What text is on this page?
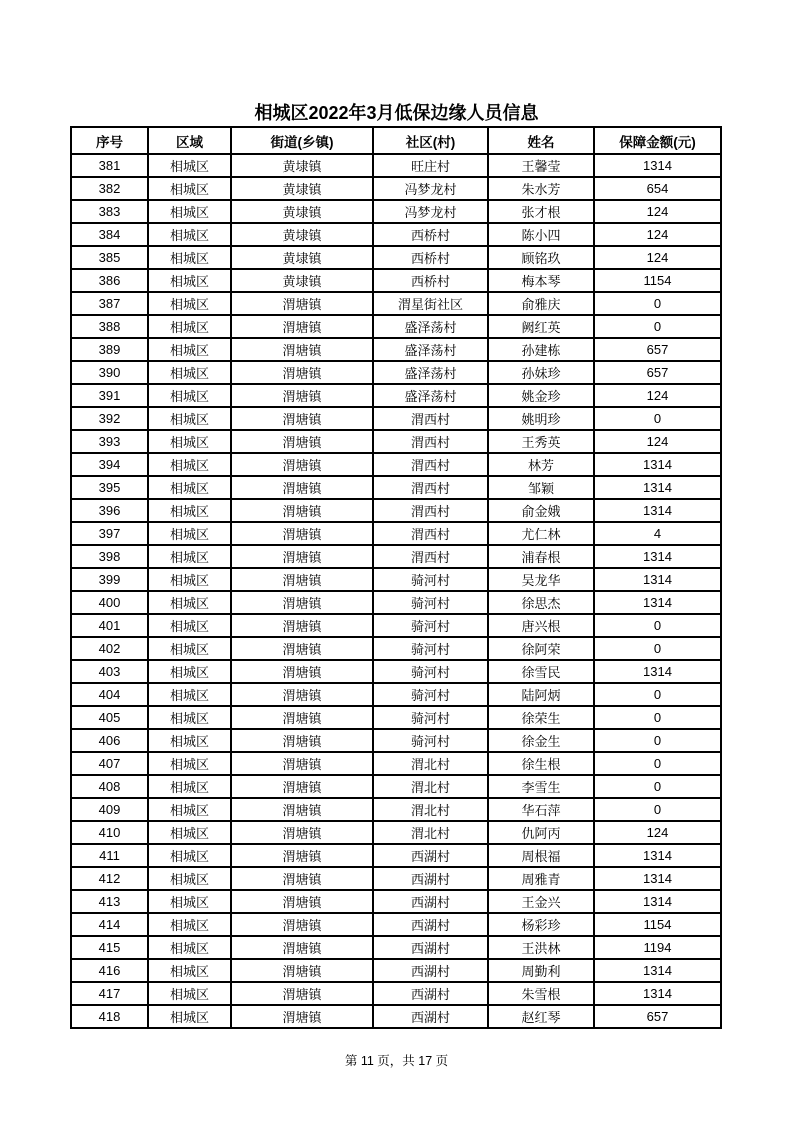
相城区2022年3月低保边缘人员信息
序号	区域	街道(乡镇)	社区(村)	姓名	保障金额(元)
381	相城区	黄埭镇	旺庄村	王馨莹	1314
382	相城区	黄埭镇	冯梦龙村	朱水芳	654
383	相城区	黄埭镇	冯梦龙村	张才根	124
384	相城区	黄埭镇	西桥村	陈小四	124
385	相城区	黄埭镇	西桥村	顾铭玖	124
386	相城区	黄埭镇	西桥村	梅本琴	1154
387	相城区	渭塘镇	渭星街社区	俞雅庆	0
388	相城区	渭塘镇	盛泽荡村	阙红英	0
389	相城区	渭塘镇	盛泽荡村	孙建栋	657
390	相城区	渭塘镇	盛泽荡村	孙妹珍	657
391	相城区	渭塘镇	盛泽荡村	姚金珍	124
392	相城区	渭塘镇	渭西村	姚明珍	0
393	相城区	渭塘镇	渭西村	王秀英	124
394	相城区	渭塘镇	渭西村	林芳	1314
395	相城区	渭塘镇	渭西村	邹颖	1314
396	相城区	渭塘镇	渭西村	俞金娥	1314
397	相城区	渭塘镇	渭西村	尤仁林	4
398	相城区	渭塘镇	渭西村	浦春根	1314
399	相城区	渭塘镇	骑河村	吴龙华	1314
400	相城区	渭塘镇	骑河村	徐思杰	1314
401	相城区	渭塘镇	骑河村	唐兴根	0
402	相城区	渭塘镇	骑河村	徐阿荣	0
403	相城区	渭塘镇	骑河村	徐雪民	1314
404	相城区	渭塘镇	骑河村	陆阿炳	0
405	相城区	渭塘镇	骑河村	徐荣生	0
406	相城区	渭塘镇	骑河村	徐金生	0
407	相城区	渭塘镇	渭北村	徐生根	0
408	相城区	渭塘镇	渭北村	李雪生	0
409	相城区	渭塘镇	渭北村	华石萍	0
410	相城区	渭塘镇	渭北村	仇阿丙	124
411	相城区	渭塘镇	西湖村	周根福	1314
412	相城区	渭塘镇	西湖村	周雅青	1314
413	相城区	渭塘镇	西湖村	王金兴	1314
414	相城区	渭塘镇	西湖村	杨彩珍	1154
415	相城区	渭塘镇	西湖村	王洪林	1194
416	相城区	渭塘镇	西湖村	周勤利	1314
417	相城区	渭塘镇	西湖村	朱雪根	1314
418	相城区	渭塘镇	西湖村	赵红琴	657
第 11 页，共 17 页
